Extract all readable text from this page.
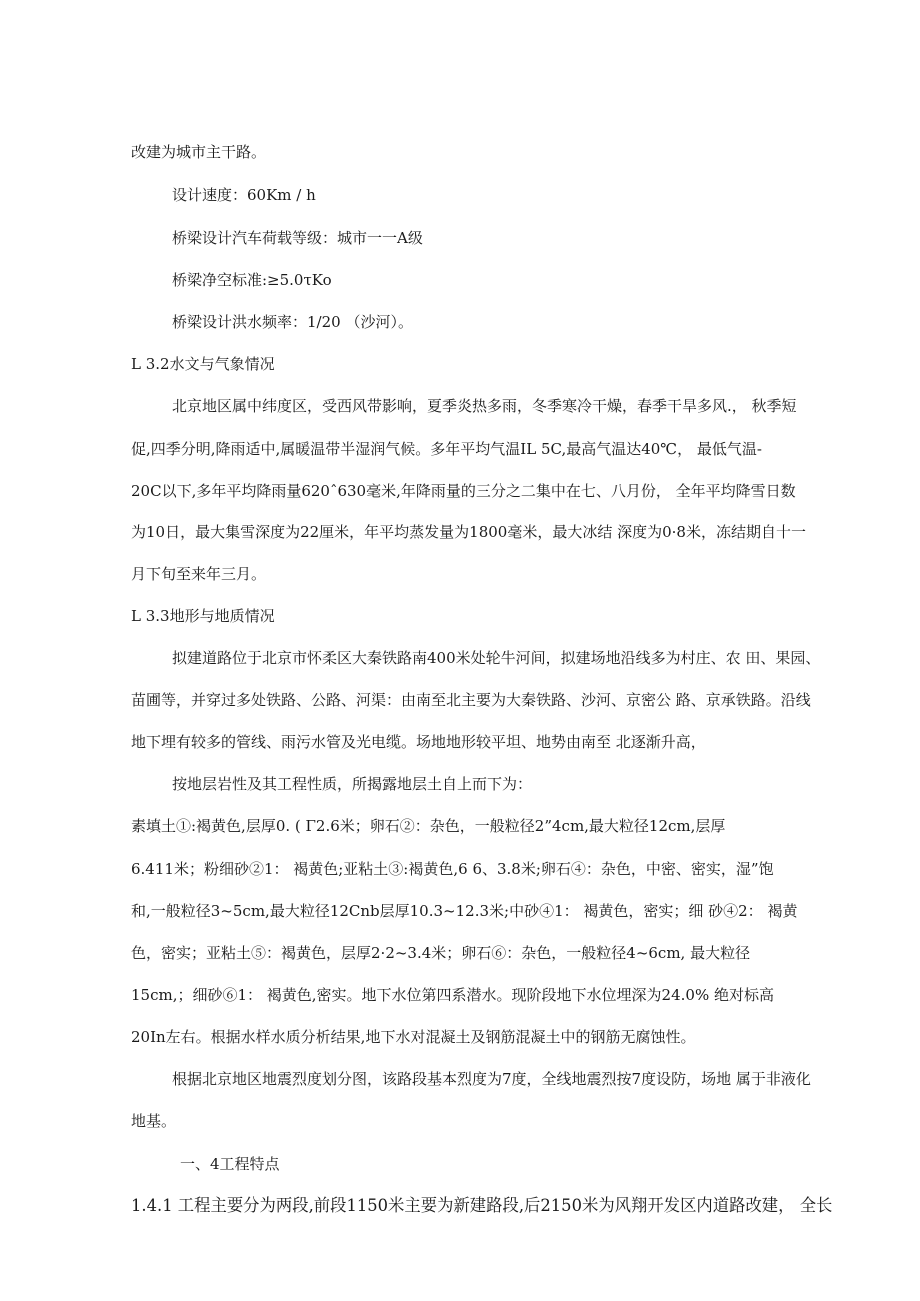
改建为城市主干路。
设计速度：60Km / h
桥梁设计汽车荷载等级：城市一一A级
桥梁净空标准:≥5.0τKo
桥梁设计洪水频率：1/20 （沙河）。
L 3.2水文与气象情况
北京地区属中纬度区，受西风带影响，夏季炎热多雨，冬季寒冷干燥，春季干旱多风.， 秋季短
促,四季分明,降雨适中,属暖温带半湿润气候。多年平均气温IL 5C,最高气温达40℃， 最低气温-
20C以下,多年平均降雨量620ˆ630毫米,年降雨量的三分之二集中在七、八月份， 全年平均降雪日数
为10日，最大集雪深度为22厘米，年平均蒸发量为1800毫米，最大冰结 深度为0·8米，冻结期自十一
月下旬至来年三月。
L 3.3地形与地质情况
拟建道路位于北京市怀柔区大秦铁路南400米处轮牛河间，拟建场地沿线多为村庄、农 田、果园、
苗圃等，并穿过多处铁路、公路、河渠：由南至北主要为大秦铁路、沙河、京密公 路、京承铁路。沿线
地下埋有较多的管线、雨污水管及光电缆。场地地形较平坦、地势由南至 北逐渐升高，
按地层岩性及其工程性质，所揭露地层土自上而下为：
素填土①:褐黄色,层厚0. ( Γ2.6米；卵石②：杂色，一般粒径2”4cm,最大粒径12cm,层厚
6.411米；粉细砂②1： 褐黄色;亚粘土③:褐黄色,6 6、3.8米;卵石④：杂色，中密、密实，湿”饱
和,一般粒径3~5cm,最大粒径12Cnb层厚10.3~12.3米;中砂④1： 褐黄色，密实；细 砂④2： 褐黄
色，密实；亚粘土⑤：褐黄色，层厚2·2~3.4米；卵石⑥：杂色，一般粒径4~6cm, 最大粒径
15cm,；细砂⑥1： 褐黄色,密实。地下水位第四系潜水。现阶段地下水位埋深为24.0% 绝对标高
20In左右。根据水样水质分析结果,地下水对混凝土及钢筋混凝土中的钢筋无腐蚀性。
根据北京地区地震烈度划分图，该路段基本烈度为7度，全线地震烈按7度设防，场地 属于非液化
地基。
一、4工程特点
1.4.1 工程主要分为两段,前段1150米主要为新建路段,后2150米为风翔开发区内道路改建， 全长
